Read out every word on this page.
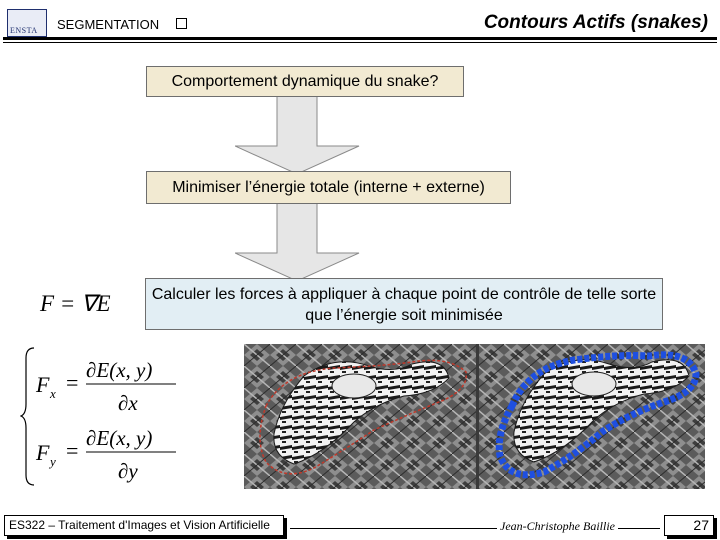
ENSTA SEGMENTATION	Contours Actifs (snakes)
Comportement dynamique du snake?
Minimiser l’énergie totale (interne + externe)
Calculer les forces à appliquer à chaque point de contrôle de telle sorte que l’énergie soit minimisée
F = ∇E
F x = ∂E(x, y)
∂x
F y = ∂E(x, y)
∂y
ES322 – Traitement d'Images et Vision Artificielle	Jean-Christophe Baillie	27
